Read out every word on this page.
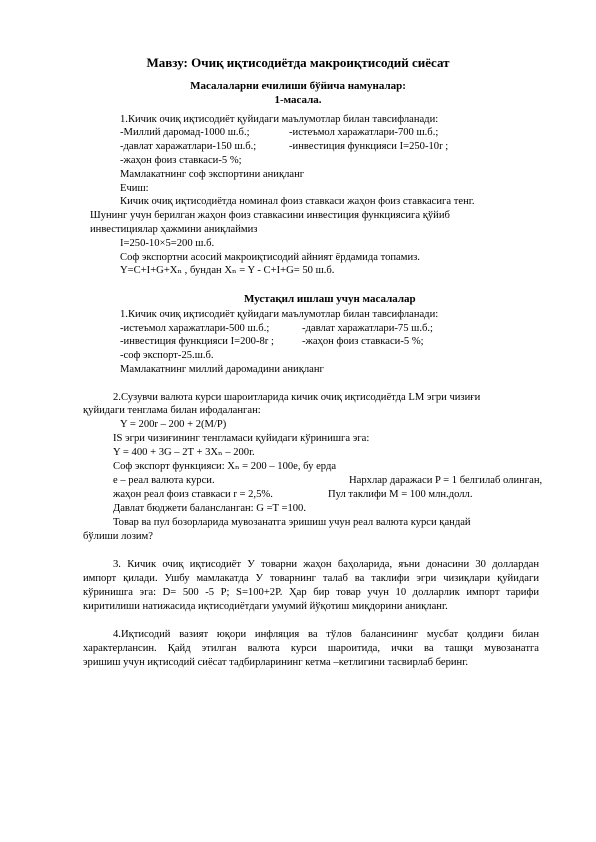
Мавзу: Очиқ иқтисодиётда макроиқтисодий сиёсат
Масалаларни ечилиши бўйича намуналар:
1-масала.
1.Кичик очиқ иқтисодиёт қуйидаги маълумотлар билан тавсифланади:
-Миллий даромад-1000 ш.б.;	-истеъмол харажатлари-700 ш.б.;
-давлат харажатлари-150 ш.б.;	-инвестиция функцияси I=250-10r ;
-жаҳон фоиз ставкаси-5 %;
Мамлакатнинг соф экспортини аниқланг
Ечиш:
Кичик очиқ иқтисодиётда номинал фоиз ставкаси жаҳон фоиз ставкасига тенг.
Шунинг учун берилган жаҳон фоиз ставкасини инвестиция функциясига қўйиб
инвестициялар ҳажмини аниқлаймиз
I=250-10×5=200 ш.б.
Соф экспортни асосий макроиқтисодий айният ёрдамида топамиз.
Y=C+I+G+Xₙ , бундан Xₙ = Y - C+I+G= 50 ш.б.
Мустақил ишлаш учун масалалар
1.Кичик очиқ иқтисодиёт қуйидаги маълумотлар билан тавсифланади:
-истеъмол харажатлари-500 ш.б.;	-давлат харажатлари-75 ш.б.;
-инвестиция функцияси I=200-8r ;	-жаҳон фоиз ставкаси-5 %;
-соф экспорт-25.ш.б.
Мамлакатнинг миллий даромадини аниқланг
2.Сузувчи валюта курси шароитларида кичик очиқ иқтисодиётда LM эгри чизиғи
қуйидаги тенглама билан ифодаланган:
Y = 200r – 200 + 2(M/P)
IS эгри чизиғининг тенгламаси қуйидаги кўринишга эга:
Y = 400 + 3G – 2T + 3Xₙ – 200r.
Соф экспорт функцияси: Xₙ = 200 – 100e, бу ерда
е – реал валюта курси.	Нархлар даражаси P = 1 белгилаб олинган,
жаҳон реал фоиз ставкаси r = 2,5%.	Пул таклифи M = 100 млн.долл.
Давлат бюджети балансланган: G =T =100.
Товар ва пул бозорларида мувозанатга эришиш учун реал валюта курси қандай
бўлиши лозим?
3. Кичик очиқ иқтисодиёт У товарни жаҳон баҳоларида, яъни донасини 30 доллардан
импорт қилади. Ушбу мамлакатда У товарнинг талаб ва таклифи эгри чизиқлари қуйидаги
кўринишга эга: D= 500 -5 P; S=100+2P. Ҳар бир товар учун 10 долларлик импорт тарифи
киритилиши натижасида иқтисодиётдаги умумий йўқотиш миқдорини аниқланг.
4.Иқтисодий вазият юқори инфляция ва тўлов балансининг мусбат қолдиғи билан
характерлансин. Қайд этилган валюта курси шароитида, ички ва ташқи мувозанатга
эришиш учун иқтисодий сиёсат тадбирларининг кетма –кетлигини тасвирлаб беринг.
